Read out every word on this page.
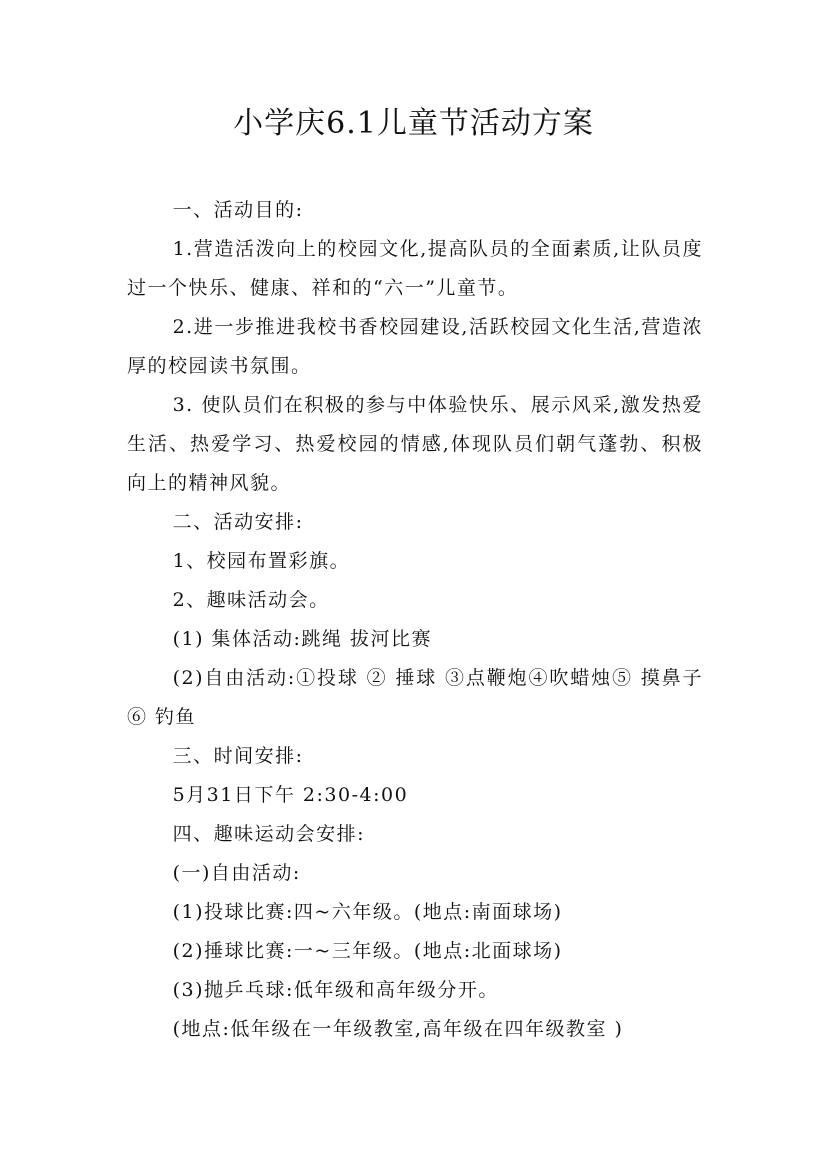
小学庆6.1儿童节活动方案

一、活动目的:

1.营造活泼向上的校园文化,提高队员的全面素质,让队员度过一个快乐、健康、祥和的“六一”儿童节。

2.进一步推进我校书香校园建设,活跃校园文化生活,营造浓厚的校园读书氛围。

3. 使队员们在积极的参与中体验快乐、展示风采,激发热爱生活、热爱学习、热爱校园的情感,体现队员们朝气蓬勃、积极向上的精神风貌。

二、活动安排:

1、校园布置彩旗。

2、趣味活动会。

(1) 集体活动:跳绳 拔河比赛

(2)自由活动:①投球 ② 捶球 ③点鞭炮④吹蜡烛⑤ 摸鼻子⑥ 钓鱼

三、时间安排:

5月31日下午 2:30-4:00

四、趣味运动会安排:

(一)自由活动:

(1)投球比赛:四~六年级。(地点:南面球场)

(2)捶球比赛:一~三年级。(地点:北面球场)

(3)抛乒乓球:低年级和高年级分开。

(地点:低年级在一年级教室,高年级在四年级教室 )
